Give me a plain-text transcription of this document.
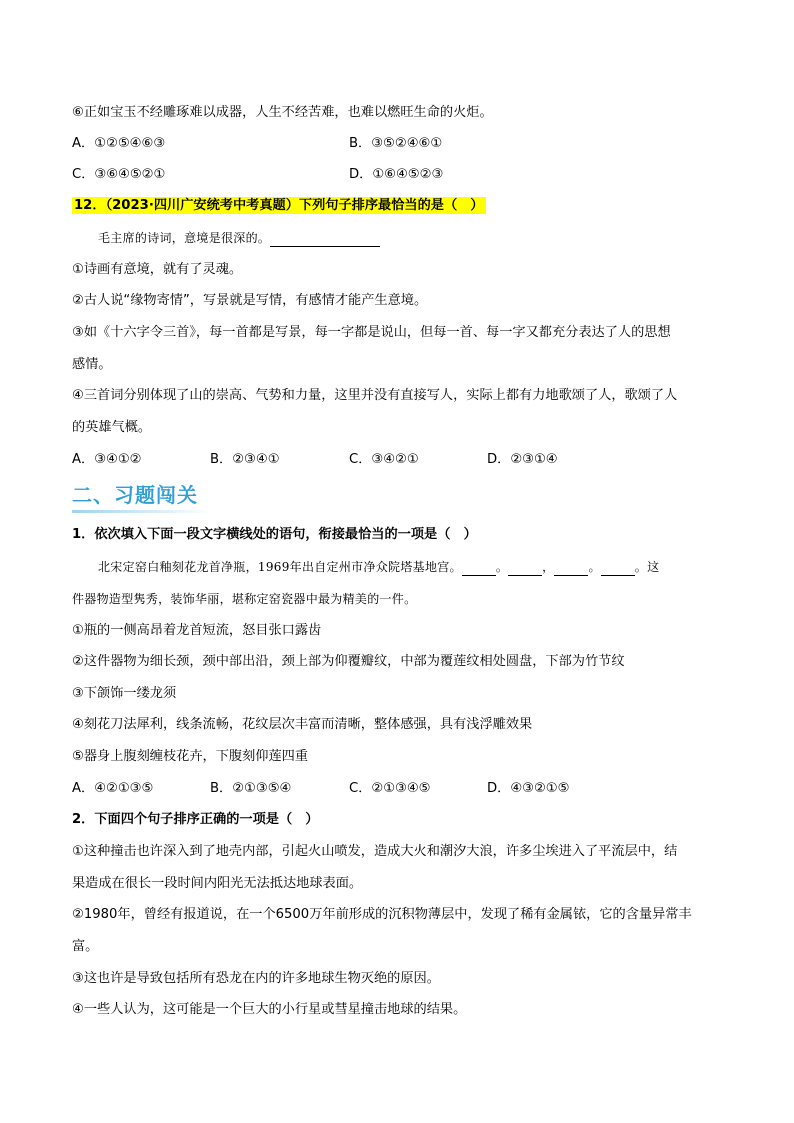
⑥正如宝玉不经雕琢难以成器，人生不经苦难，也难以燃旺生命的火炬。
A．①②⑤④⑥③	B．③⑤②④⑥①
C．③⑥④⑤②①	D．①⑥④⑤②③
12．（2023·四川广安统考中考真题）下列句子排序最恰当的是（　）
毛主席的诗词，意境是很深的。
①诗画有意境，就有了灵魂。
②古人说“缘物寄情”，写景就是写情，有感情才能产生意境。
③如《十六字令三首》，每一首都是写景，每一字都是说山，但每一首、每一字又都充分表达了人的思想
感情。
④三首词分别体现了山的崇高、气势和力量，这里并没有直接写人，实际上都有力地歌颂了人，歌颂了人
的英雄气概。
A．③④①②	B．②③④①	C．③④②①	D．②③①④
二、习题闯关
1．依次填入下面一段文字横线处的语句，衔接最恰当的一项是（　）
北宋定窑白釉刻花龙首净瓶，1969年出自定州市净众院塔基地宫。	。	，	。	。这
件器物造型隽秀，装饰华丽，堪称定窑瓷器中最为精美的一件。
①瓶的一侧高昂着龙首短流，怒目张口露齿
②这件器物为细长颈，颈中部出沿，颈上部为仰覆瓣纹，中部为覆莲纹相处圆盘，下部为竹节纹
③下颌饰一缕龙须
④刻花刀法犀利，线条流畅，花纹层次丰富而清晰，整体感强，具有浅浮雕效果
⑤器身上腹刻缠枝花卉，下腹刻仰莲四重
A．④②①③⑤	B．②①③⑤④	C．②①③④⑤	D．④③②①⑤
2．下面四个句子排序正确的一项是（　）
①这种撞击也许深入到了地壳内部，引起火山喷发，造成大火和潮汐大浪，许多尘埃进入了平流层中，结
果造成在很长一段时间内阳光无法抵达地球表面。
②1980年，曾经有报道说，在一个6500万年前形成的沉积物薄层中，发现了稀有金属铱，它的含量异常丰
富。
③这也许是导致包括所有恐龙在内的许多地球生物灭绝的原因。
④一些人认为，这可能是一个巨大的小行星或彗星撞击地球的结果。
